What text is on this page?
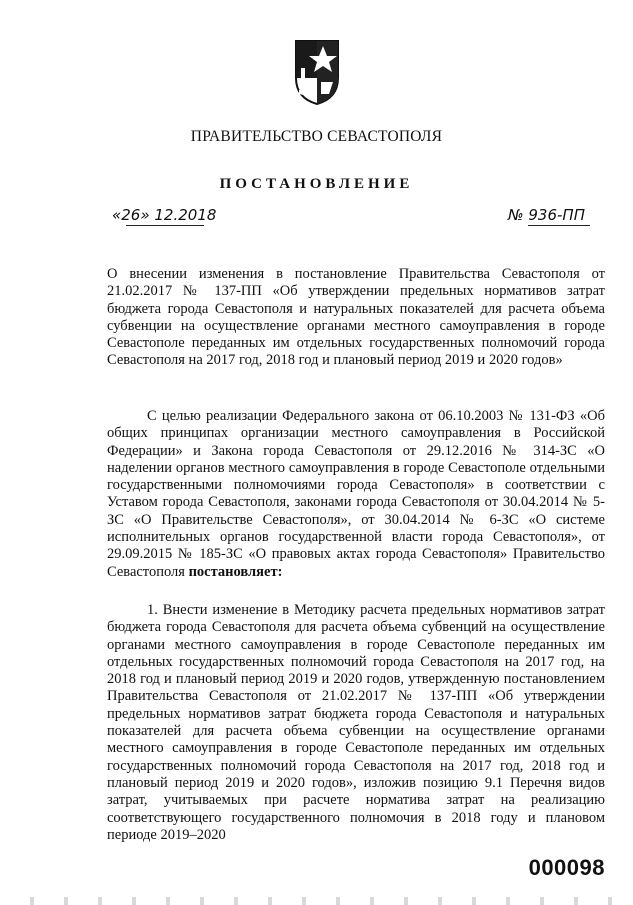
ПРАВИТЕЛЬСТВО СЕВАСТОПОЛЯ
ПОСТАНОВЛЕНИЕ
«26» 12.2018	№ 936-ПП
О внесении изменения в постановление Правительства Севастополя от 21.02.2017 № 137-ПП «Об утверждении предельных нормативов затрат бюджета города Севастополя и натуральных показателей для расчета объема субвенции на осуществление органами местного самоуправления в городе Севастополе переданных им отдельных государственных полномочий города Севастополя на 2017 год, 2018 год и плановый период 2019 и 2020 годов»
С целью реализации Федерального закона от 06.10.2003 № 131-ФЗ «Об общих принципах организации местного самоуправления в Российской Федерации» и Закона города Севастополя от 29.12.2016 № 314-ЗС «О наделении органов местного самоуправления в городе Севастополе отдельными государственными полномочиями города Севастополя» в соответствии с Уставом города Севастополя, законами города Севастополя от 30.04.2014 № 5-ЗС «О Правительстве Севастополя», от 30.04.2014 № 6-ЗС «О системе исполнительных органов государственной власти города Севастополя», от 29.09.2015 № 185-ЗС «О правовых актах города Севастополя» Правительство Севастополя постановляет:
1. Внести изменение в Методику расчета предельных нормативов затрат бюджета города Севастополя для расчета объема субвенций на осуществление органами местного самоуправления в городе Севастополе переданных им отдельных государственных полномочий города Севастополя на 2017 год, на 2018 год и плановый период 2019 и 2020 годов, утвержденную постановлением Правительства Севастополя от 21.02.2017 № 137-ПП «Об утверждении предельных нормативов затрат бюджета города Севастополя и натуральных показателей для расчета объема субвенции на осуществление органами местного самоуправления в городе Севастополе переданных им отдельных государственных полномочий города Севастополя на 2017 год, 2018 год и плановый период 2019 и 2020 годов», изложив позицию 9.1 Перечня видов затрат, учитываемых при расчете норматива затрат на реализацию соответствующего государственного полномочия в 2018 году и плановом периоде 2019–2020
000098
